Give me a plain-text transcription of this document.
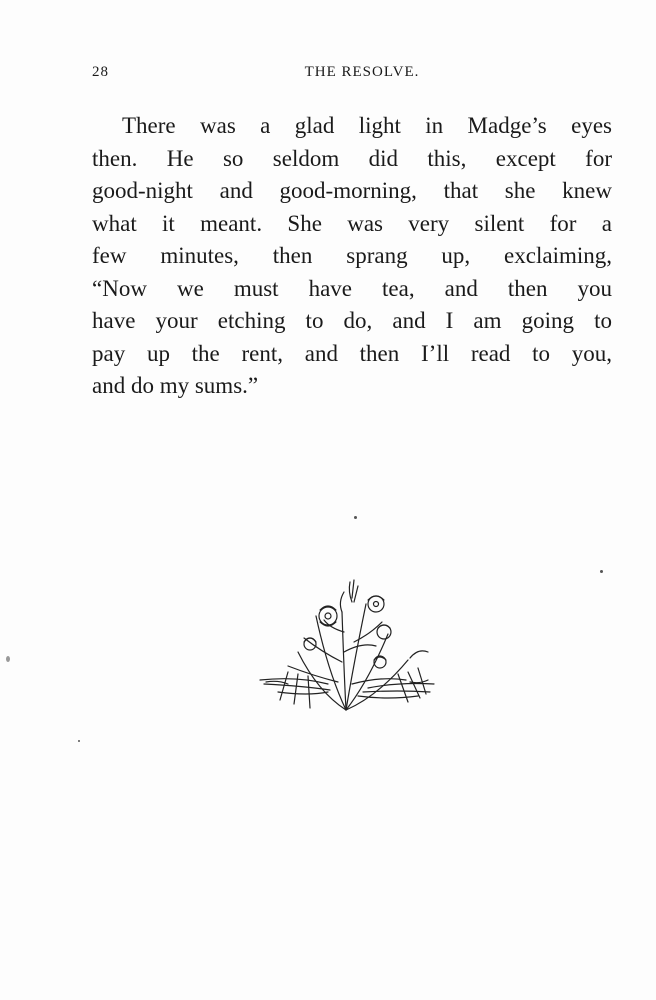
28	THE RESOLVE.
There was a glad light in Madge’s eyes
then. He so seldom did this, except for
good-night and good-morning, that she knew
what it meant. She was very silent for a
few minutes, then sprang up, exclaiming,
“Now we must have tea, and then you
have your etching to do, and I am going to
pay up the rent, and then I’ll read to you,
and do my sums.”
